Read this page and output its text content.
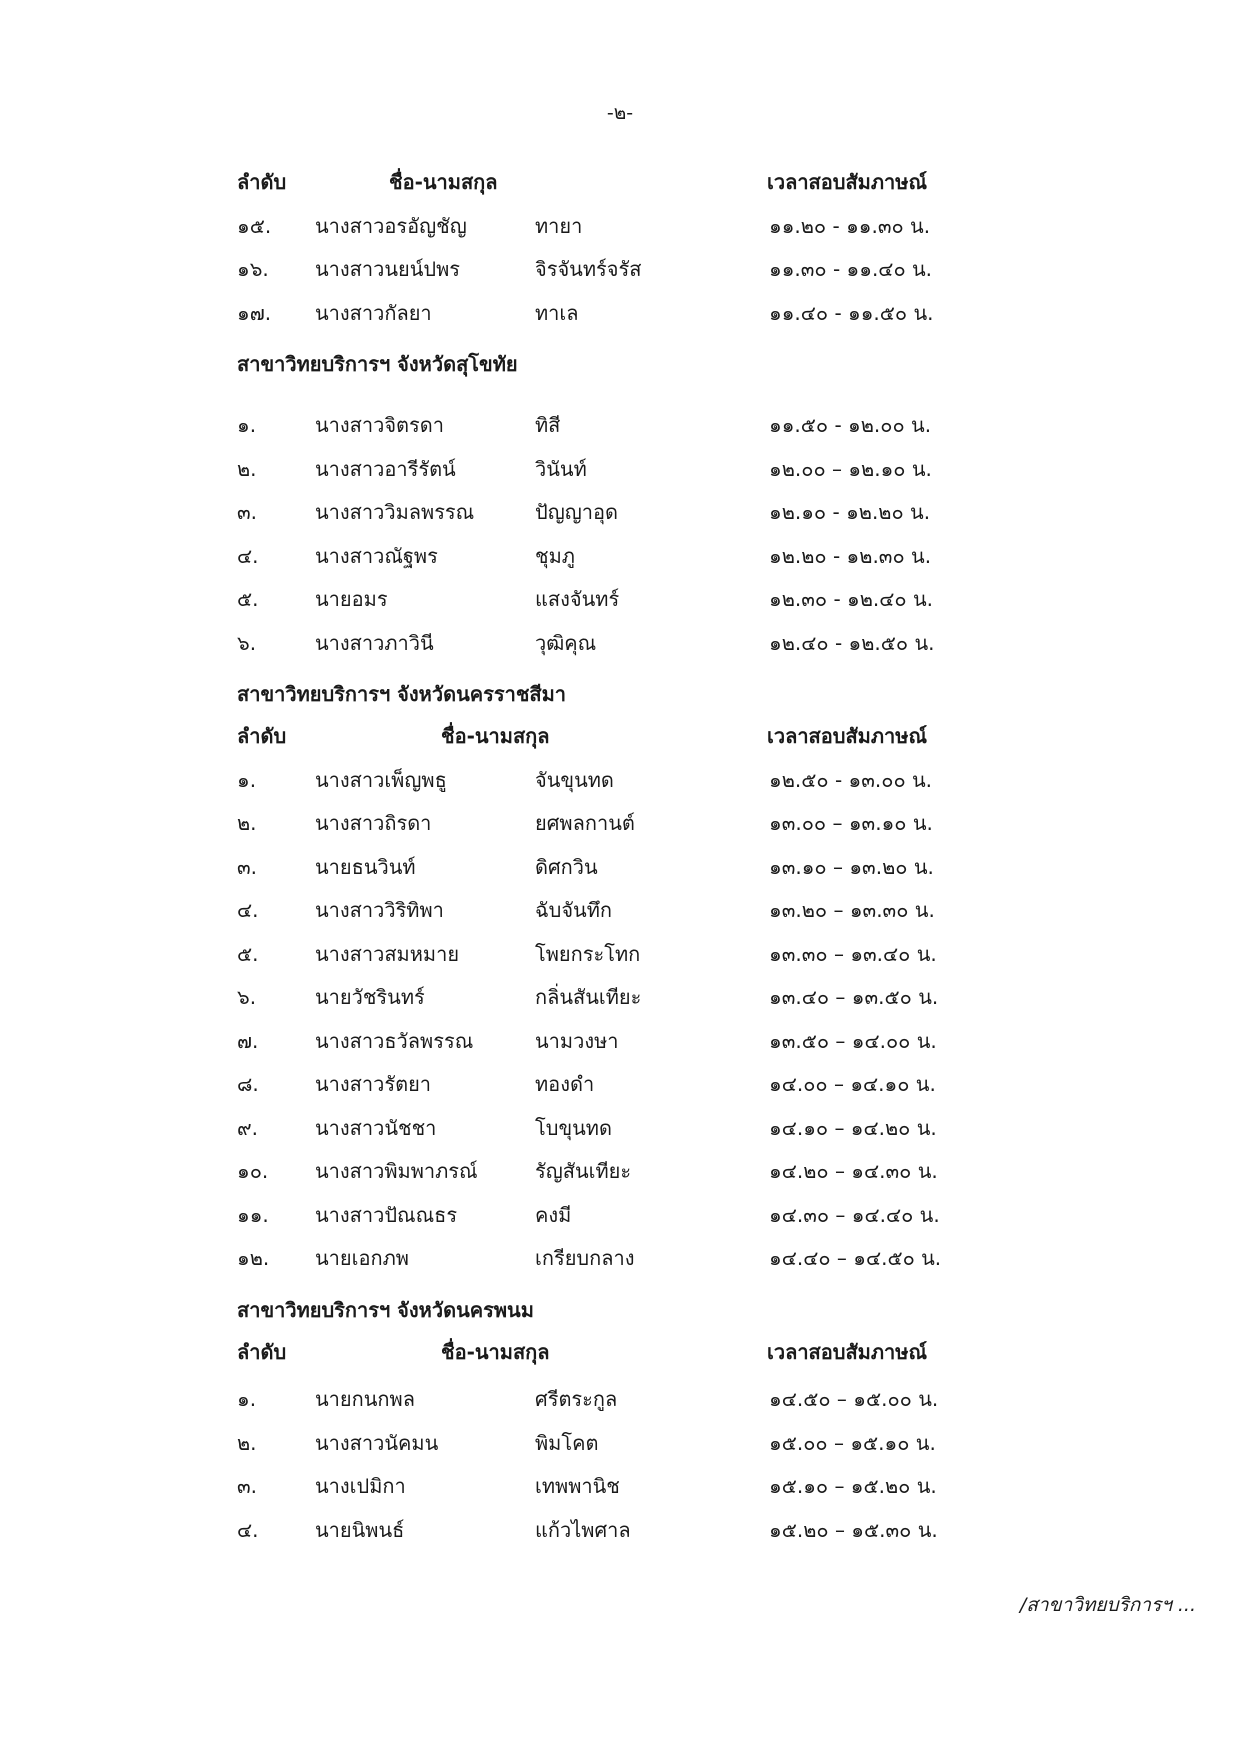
-๒-
ลำดับ	ชื่อ-นามสกุล	เวลาสอบสัมภาษณ์
๑๕. นางสาวอรอัญชัญ	ทายา	๑๑.๒๐ - ๑๑.๓๐ น.
๑๖. นางสาวนยน์ปพร	จิรจันทร์จรัส	๑๑.๓๐ - ๑๑.๔๐ น.
๑๗. นางสาวกัลยา	ทาเล	๑๑.๔๐ - ๑๑.๕๐ น.
สาขาวิทยบริการฯ จังหวัดสุโขทัย
๑.	นางสาวจิตรดา	ทิสี	๑๑.๕๐ - ๑๒.๐๐ น.
๒.	นางสาวอารีรัตน์	วินันท์	๑๒.๐๐ – ๑๒.๑๐ น.
๓.	นางสาววิมลพรรณ	ปัญญาอุด	๑๒.๑๐ - ๑๒.๒๐ น.
๔.	นางสาวณัฐพร	ชุมภู	๑๒.๒๐ - ๑๒.๓๐ น.
๕.	นายอมร	แสงจันทร์	๑๒.๓๐ - ๑๒.๔๐ น.
๖.	นางสาวภาวินี	วุฒิคุณ	๑๒.๔๐ - ๑๒.๕๐ น.
สาขาวิทยบริการฯ จังหวัดนครราชสีมา
ลำดับ	ชื่อ-นามสกุล	เวลาสอบสัมภาษณ์
๑.	นางสาวเพ็ญพธู	จันขุนทด	๑๒.๕๐ - ๑๓.๐๐ น.
๒.	นางสาวถิรดา	ยศพลกานต์	๑๓.๐๐ – ๑๓.๑๐ น.
๓.	นายธนวินท์	ดิศกวิน	๑๓.๑๐ – ๑๓.๒๐ น.
๔.	นางสาววิริทิพา	ฉับจันทึก	๑๓.๒๐ – ๑๓.๓๐ น.
๕.	นางสาวสมหมาย	โพยกระโทก	๑๓.๓๐ – ๑๓.๔๐ น.
๖.	นายวัชรินทร์	กลิ่นสันเทียะ	๑๓.๔๐ – ๑๓.๕๐ น.
๗.	นางสาวธวัลพรรณ	นามวงษา	๑๓.๕๐ – ๑๔.๐๐ น.
๘.	นางสาวรัตยา	ทองดำ	๑๔.๐๐ – ๑๔.๑๐ น.
๙.	นางสาวนัชชา	โบขุนทด	๑๔.๑๐ – ๑๔.๒๐ น.
๑๐. นางสาวพิมพาภรณ์	รัญสันเทียะ	๑๔.๒๐ – ๑๔.๓๐ น.
๑๑. นางสาวปัณณธร	คงมี	๑๔.๓๐ – ๑๔.๔๐ น.
๑๒. นายเอกภพ	เกรียบกลาง	๑๔.๔๐ – ๑๔.๕๐ น.
สาขาวิทยบริการฯ จังหวัดนครพนม
ลำดับ	ชื่อ-นามสกุล	เวลาสอบสัมภาษณ์
๑.	นายกนกพล	ศรีตระกูล	๑๔.๕๐ – ๑๕.๐๐ น.
๒.	นางสาวนัคมน	พิมโคต	๑๕.๐๐ – ๑๕.๑๐ น.
๓.	นางเปมิกา	เทพพานิช	๑๕.๑๐ – ๑๕.๒๐ น.
๔.	นายนิพนธ์	แก้วไพศาล	๑๕.๒๐ – ๑๕.๓๐ น.
/สาขาวิทยบริการฯ ...
